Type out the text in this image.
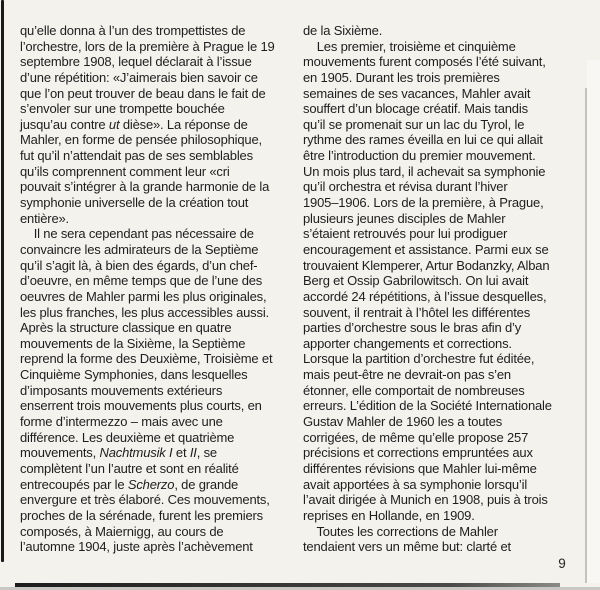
qu’elle donna à l’un des trompettistes de
l’orchestre, lors de la première à Prague le 19
septembre 1908, lequel déclarait à l’issue
d’une répétition: «J’aimerais bien savoir ce
que l’on peut trouver de beau dans le fait de
s’envoler sur une trompette bouchée
jusqu’au contre ut dièse». La réponse de
Mahler, en forme de pensée philosophique,
fut qu’il n’attendait pas de ses semblables
qu’ils comprennent comment leur «cri
pouvait s’intégrer à la grande harmonie de la
symphonie universelle de la création tout
entière».
Il ne sera cependant pas nécessaire de
convaincre les admirateurs de la Septième
qu’il s’agit là, à bien des égards, d’un chef-
d’oeuvre, en même temps que de l’une des
oeuvres de Mahler parmi les plus originales,
les plus franches, les plus accessibles aussi.
Après la structure classique en quatre
mouvements de la Sixième, la Septième
reprend la forme des Deuxième, Troisième et
Cinquième Symphonies, dans lesquelles
d’imposants mouvements extérieurs
enserrent trois mouvements plus courts, en
forme d’intermezzo – mais avec une
différence. Les deuxième et quatrième
mouvements, Nachtmusik I et II, se
complètent l’un l’autre et sont en réalité
entrecoupés par le Scherzo, de grande
envergure et très élaboré. Ces mouvements,
proches de la sérénade, furent les premiers
composés, à Maiernigg, au cours de
l’automne 1904, juste après l’achèvement
de la Sixième.
Les premier, troisième et cinquième
mouvements furent composés l’été suivant,
en 1905. Durant les trois premières
semaines de ses vacances, Mahler avait
souffert d’un blocage créatif. Mais tandis
qu’il se promenait sur un lac du Tyrol, le
rythme des rames éveilla en lui ce qui allait
être l’introduction du premier mouvement.
Un mois plus tard, il achevait sa symphonie
qu’il orchestra et révisa durant l’hiver
1905–1906. Lors de la première, à Prague,
plusieurs jeunes disciples de Mahler
s’étaient retrouvés pour lui prodiguer
encouragement et assistance. Parmi eux se
trouvaient Klemperer, Artur Bodanzky, Alban
Berg et Ossip Gabrilowitsch. On lui avait
accordé 24 répétitions, à l’issue desquelles,
souvent, il rentrait à l’hôtel les différentes
parties d’orchestre sous le bras afin d’y
apporter changements et corrections.
Lorsque la partition d’orchestre fut éditée,
mais peut-être ne devrait-on pas s’en
étonner, elle comportait de nombreuses
erreurs. L’édition de la Société Internationale
Gustav Mahler de 1960 les a toutes
corrigées, de même qu’elle propose 257
précisions et corrections empruntées aux
différentes révisions que Mahler lui-même
avait apportées à sa symphonie lorsqu’il
l’avait dirigée à Munich en 1908, puis à trois
reprises en Hollande, en 1909.
Toutes les corrections de Mahler
tendaient vers un même but: clarté et
9
